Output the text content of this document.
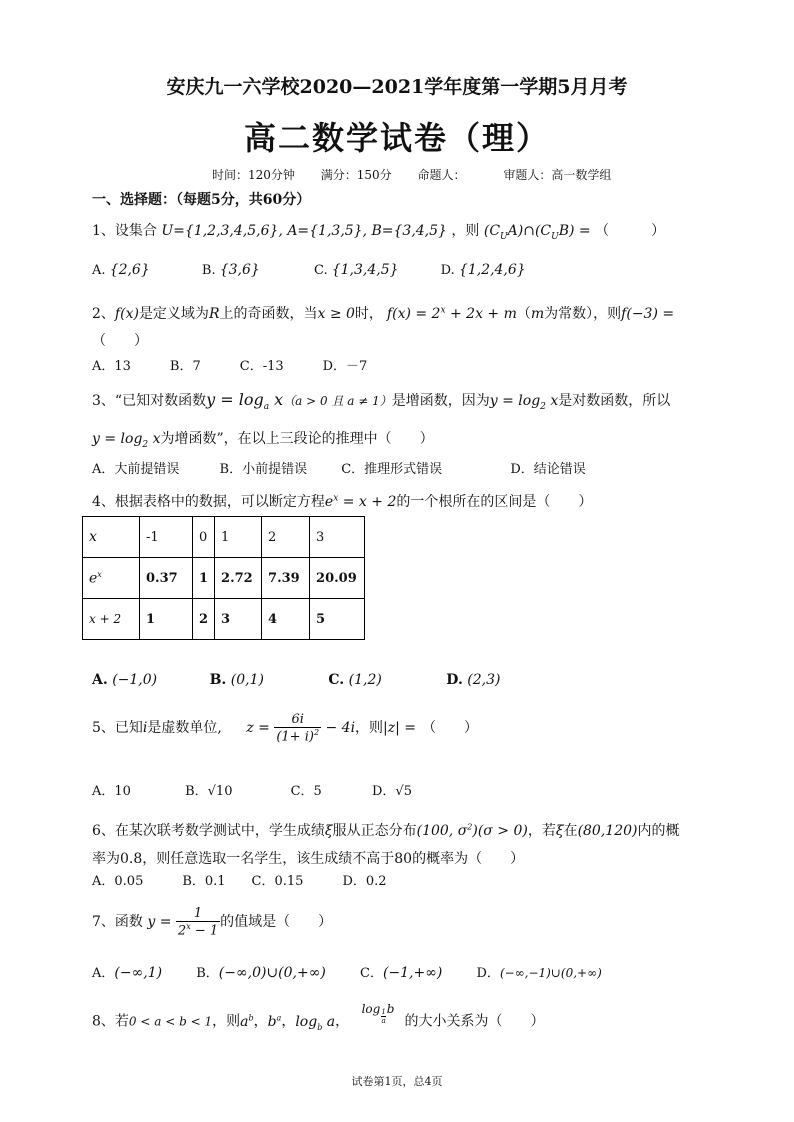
安庆九一六学校2020—2021学年度第一学期5月月考
高二数学试卷（理）
时间：120分钟 满分：150分 命题人：	审题人：高一数学组
一、选择题：（每题5分，共60分）
1、设集合 U={1,2,3,4,5,6}, A={1,3,5}, B={3,4,5} ，则 $(C_UA)\cap(C_UB)$ = （　　　）
A. {2,6}	B. {3,6}	C. {1,3,4,5}	D. {1,2,4,6}
2、f(x)是定义域为R上的奇函数，当x ≥ 0时， $f(x) = 2^x + 2x + m(m$为常数），则f(−3) =
（　　）
A．13　　　B．7　　　C．-13　　　D．－7
3、“已知对数函数$y = \log_a x(a > 0$ 且 a ≠ 1）是增函数，因为$y = \log_2 x$是对数函数，所以
$y = \log_2 x$为增函数”，在以上三段论的推理中（　　）
A．大前提错误	B．小前提错误	C．推理形式错误	D．结论错误
4、根据表格中的数据，可以断定方程$e^x = x + 2$的一个根所在的区间是（　　）
x	-1	0	1	2	3
$e^x$	0.37	1	2.72	7.39	20.09
x + 2	1	2	3	4	5
A. (−1,0)	B. (0,1)	C. (1,2)	D. (2,3)
5、已知i是虚数单位, $z = \frac{6i}{(1+ i)^2} - 4i$，则|z| = （　　）
A．10	B．√10	C．5	D．√5
6、在某次联考数学测试中，学生成绩ξ服从正态分布(100, $\sigma^2)(\sigma > 0)$，若ξ在(80,120)内的概
率为0.8，则任意选取一名学生，该生成绩不高于80的概率为（　　）
A．0.05　　　B．0.1　　C．0.15　　　D．0.2
7、函数 $y = \frac{1}{2^x - 1}$ 的值域是（　　）
A．(−∞,1)	B．(−∞,0)∪(0,+∞)	C．(−1,+∞)	D．(−∞,−1)∪(0,+∞)
8、若0 < a < b < 1，则$a^b$，$b^a$，$\log_b a$， $\log \frac{1}{a}$ b的大小关系为（　　）
试卷第1页，总4页
